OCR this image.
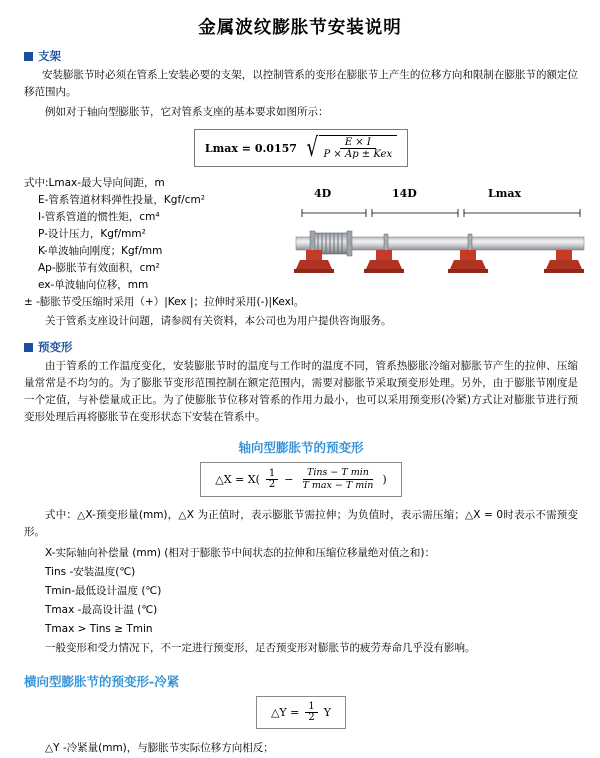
金属波纹膨胀节安装说明
支架

安装膨胀节时必须在管系上安装必要的支架，以控制管系的变形在膨胀节上产生的位移方向和限制在膨胀节的额定位移范围内。

例如对于轴向型膨胀节，它对管系支座的基本要求如图所示：

Lmax = 0.0157 √ $\frac{E \times I}{\text{P × Ap ± Kex}}$

式中:Lmax-最大导向间距，m

E-管系管道材料弹性投量，Kgf/cm²

I-管系管道的惯性矩，cm⁴

P-设计压力，Kgf/mm²

K-单波轴向刚度；Kgf/mm

Ap-膨胀节有效面积，cm²

ex-单波轴向位移，mm

± -膨胀节受压缩时采用（+）|Kex |；拉伸时采用(-)|Kexl。

4D	14D	Lmax

关于管系支座设计问题，请参阅有关资料，本公司也为用户提供咨询服务。

预变形

由于管系的工作温度变化，安装膨胀节时的温度与工作时的温度不同，管系热膨胀冷缩对膨胀节产生的拉伸、压缩量常常是不均匀的。为了膨胀节变形范围控制在额定范围内，需要对膨胀节采取预变形处理。另外，由于膨胀节刚度是一个定值，与补偿量成正比。为了使膨胀节位移对管系的作用力最小，也可以采用预变形(冷紧)方式让对膨胀节进行预变形处理后再将膨胀节在变形状态下安装在管系中。

轴向型膨胀节的预变形
△X = $X( \frac{1}{2}$ −
Tins − T min
T max − T min )

式中：△X-预变形量(mm)，△X 为正值时，表示膨胀节需拉伸；为负值时，表示需压缩；△X = 0时表示不需预变形。

X-实际轴向补偿量 (mm) (相对于膨胀节中间状态的拉伸和压缩位移量绝对值之和)：

Tins -安装温度(℃)

Tmin-最低设计温度 (℃)

Tmax -最高设计温 (℃)

Tmax > Tins ≥ Tmin

一般变形和受力情况下，不一定进行预变形，足否预变形对膨胀节的疲劳寿命几乎没有影响。

横向型膨胀节的预变形-冷紧
△Y = $\frac{1}{2}$ Y

△Y -冷紧量(mm)，与膨胀节实际位移方向相反；
